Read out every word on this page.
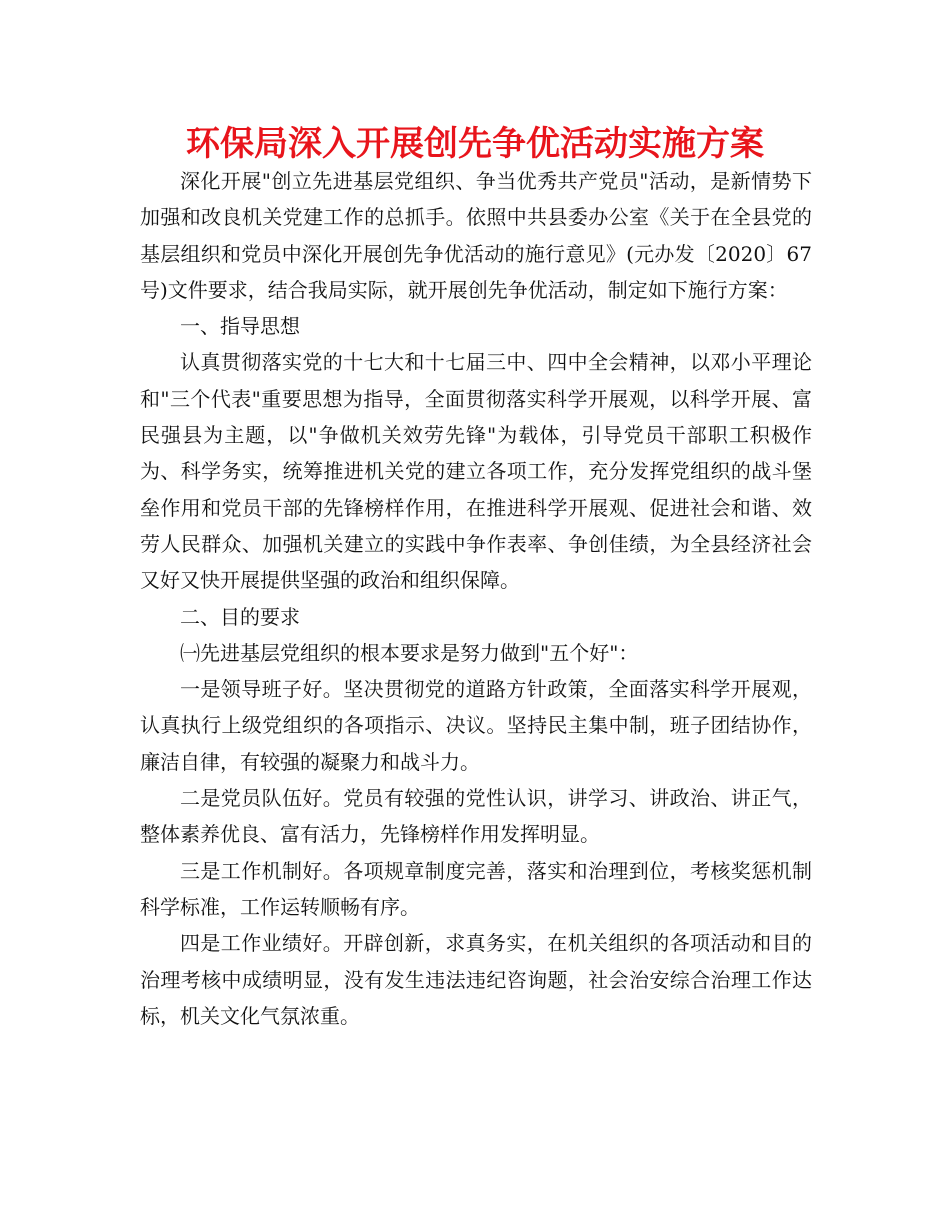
环保局深入开展创先争优活动实施方案

深化开展"创立先进基层党组织、争当优秀共产党员"活动，是新情势下加强和改良机关党建工作的总抓手。依照中共县委办公室《关于在全县党的基层组织和党员中深化开展创先争优活动的施行意见》(元办发〔2020〕67号)文件要求，结合我局实际，就开展创先争优活动，制定如下施行方案：

一、指导思想

认真贯彻落实党的十七大和十七届三中、四中全会精神，以邓小平理论和"三个代表"重要思想为指导，全面贯彻落实科学开展观，以科学开展、富民强县为主题，以"争做机关效劳先锋"为载体，引导党员干部职工积极作为、科学务实，统筹推进机关党的建立各项工作，充分发挥党组织的战斗堡垒作用和党员干部的先锋榜样作用，在推进科学开展观、促进社会和谐、效劳人民群众、加强机关建立的实践中争作表率、争创佳绩，为全县经济社会又好又快开展提供坚强的政治和组织保障。

二、目的要求

㈠先进基层党组织的根本要求是努力做到"五个好"：

一是领导班子好。坚决贯彻党的道路方针政策，全面落实科学开展观，认真执行上级党组织的各项指示、决议。坚持民主集中制，班子团结协作，廉洁自律，有较强的凝聚力和战斗力。

二是党员队伍好。党员有较强的党性认识，讲学习、讲政治、讲正气，整体素养优良、富有活力，先锋榜样作用发挥明显。

三是工作机制好。各项规章制度完善，落实和治理到位，考核奖惩机制科学标准，工作运转顺畅有序。

四是工作业绩好。开辟创新，求真务实，在机关组织的各项活动和目的治理考核中成绩明显，没有发生违法违纪咨询题，社会治安综合治理工作达标，机关文化气氛浓重。
